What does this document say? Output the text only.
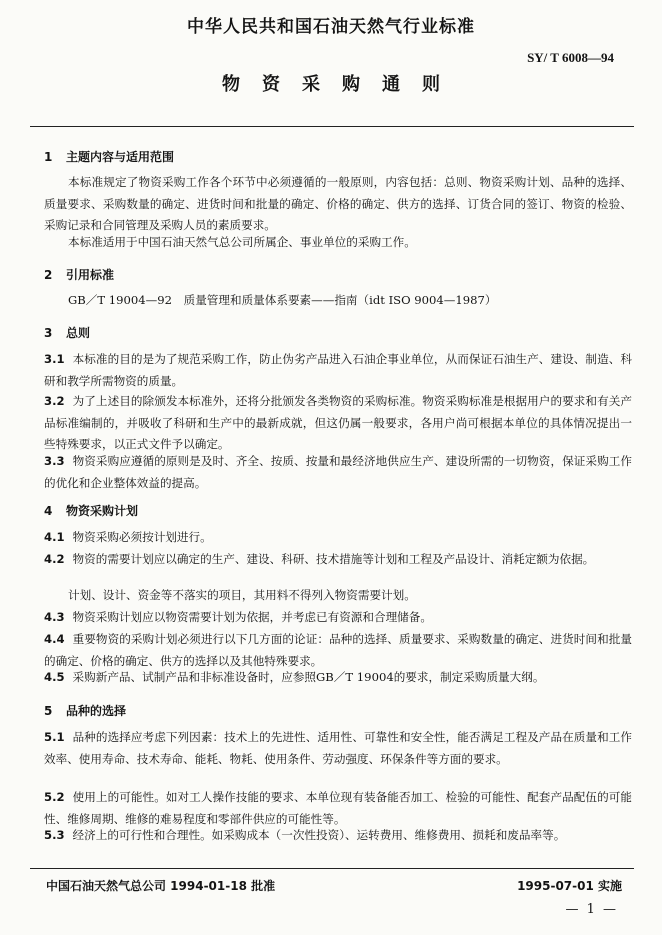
中华人民共和国石油天然气行业标准
SY/ T 6008—94
物资采购通则
1 主题内容与适用范围

本标准规定了物资采购工作各个环节中必须遵循的一般原则，内容包括：总则、物资采购计划、品种的选择、质量要求、采购数量的确定、进货时间和批量的确定、价格的确定、供方的选择、订货合同的签订、物资的检验、采购记录和合同管理及采购人员的素质要求。

本标准适用于中国石油天然气总公司所属企、事业单位的采购工作。

2 引用标准

GB／T 19004—92　质量管理和质量体系要素——指南（idt ISO 9004—1987）

3 总则

3.1 本标准的目的是为了规范采购工作，防止伪劣产品进入石油企事业单位，从而保证石油生产、建设、制造、科研和教学所需物资的质量。

3.2 为了上述目的除颁发本标准外，还将分批颁发各类物资的采购标准。物资采购标准是根据用户的要求和有关产品标准编制的，并吸收了科研和生产中的最新成就，但这仍属一般要求，各用户尚可根据本单位的具体情况提出一些特殊要求，以正式文件予以确定。

3.3 物资采购应遵循的原则是及时、齐全、按质、按量和最经济地供应生产、建设所需的一切物资，保证采购工作的优化和企业整体效益的提高。

4 物资采购计划

4.1 物资采购必须按计划进行。

4.2 物资的需要计划应以确定的生产、建设、科研、技术措施等计划和工程及产品设计、消耗定额为依据。

计划、设计、资金等不落实的项目，其用料不得列入物资需要计划。

4.3 物资采购计划应以物资需要计划为依据，并考虑已有资源和合理储备。

4.4 重要物资的采购计划必须进行以下几方面的论证：品种的选择、质量要求、采购数量的确定、进货时间和批量的确定、价格的确定、供方的选择以及其他特殊要求。

4.5 采购新产品、试制产品和非标准设备时，应参照GB／T 19004的要求，制定采购质量大纲。

5 品种的选择

5.1 品种的选择应考虑下列因素：技术上的先进性、适用性、可靠性和安全性，能否满足工程及产品在质量和工作效率、使用寿命、技术寿命、能耗、物耗、使用条件、劳动强度、环保条件等方面的要求。

5.2 使用上的可能性。如对工人操作技能的要求、本单位现有装备能否加工、检验的可能性、配套产品配伍的可能性、维修周期、维修的难易程度和零部件供应的可能性等。

5.3 经济上的可行性和合理性。如采购成本（一次性投资）、运转费用、维修费用、损耗和废品率等。

中国石油天然气总公司 1994-01-18 批准	1995-07-01 实施
— 1 —
